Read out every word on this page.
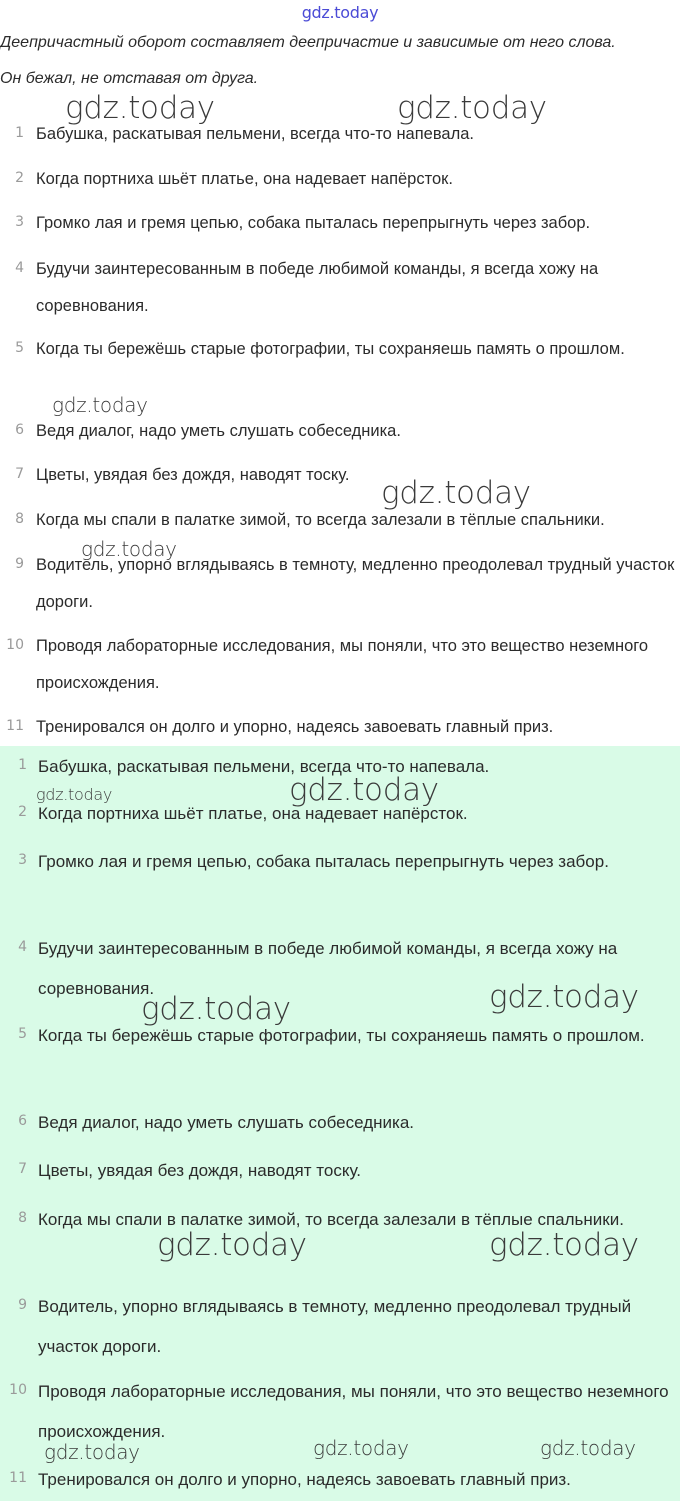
gdz.today
Деепричастный оборот составляет деепричастие и зависимые от него слова.
Он бежал, не отставая от друга.
1 Бабушка, раскатывая пельмени, всегда что-то напевала.
2 Когда портниха шьёт платье, она надевает напёрсток.
3 Громко лая и гремя цепью, собака пыталась перепрыгнуть через забор.
4 Будучи заинтересованным в победе любимой команды, я всегда хожу на соревнования.
5 Когда ты бережёшь старые фотографии, ты сохраняешь память о прошлом.
6 Ведя диалог, надо уметь слушать собеседника.
7 Цветы, увядая без дождя, наводят тоску.
8 Когда мы спали в палатке зимой, то всегда залезали в тёплые спальники.
9 Водитель, упорно вглядываясь в темноту, медленно преодолевал трудный участок дороги.
10 Проводя лабораторные исследования, мы поняли, что это вещество неземного происхождения.
11 Тренировался он долго и упорно, надеясь завоевать главный приз.
1 Бабушка, раскатывая пельмени, всегда что-то напевала.
2 Когда портниха шьёт платье, она надевает напёрсток.
3 Громко лая и гремя цепью, собака пыталась перепрыгнуть через забор.
4 Будучи заинтересованным в победе любимой команды, я всегда хожу на соревнования.
5 Когда ты бережёшь старые фотографии, ты сохраняешь память о прошлом.
6 Ведя диалог, надо уметь слушать собеседника.
7 Цветы, увядая без дождя, наводят тоску.
8 Когда мы спали в палатке зимой, то всегда залезали в тёплые спальники.
9 Водитель, упорно вглядываясь в темноту, медленно преодолевал трудный участок дороги.
10 Проводя лабораторные исследования, мы поняли, что это вещество неземного происхождения.
11 Тренировался он долго и упорно, надеясь завоевать главный приз.
gdz.today	gdz.today
gdz.today
gdz.today
gdz.today
gdz.today	gdz.today
gdz.today	gdz.today
gdz.today	gdz.today
gdz.today	gdz.today	gdz.today
